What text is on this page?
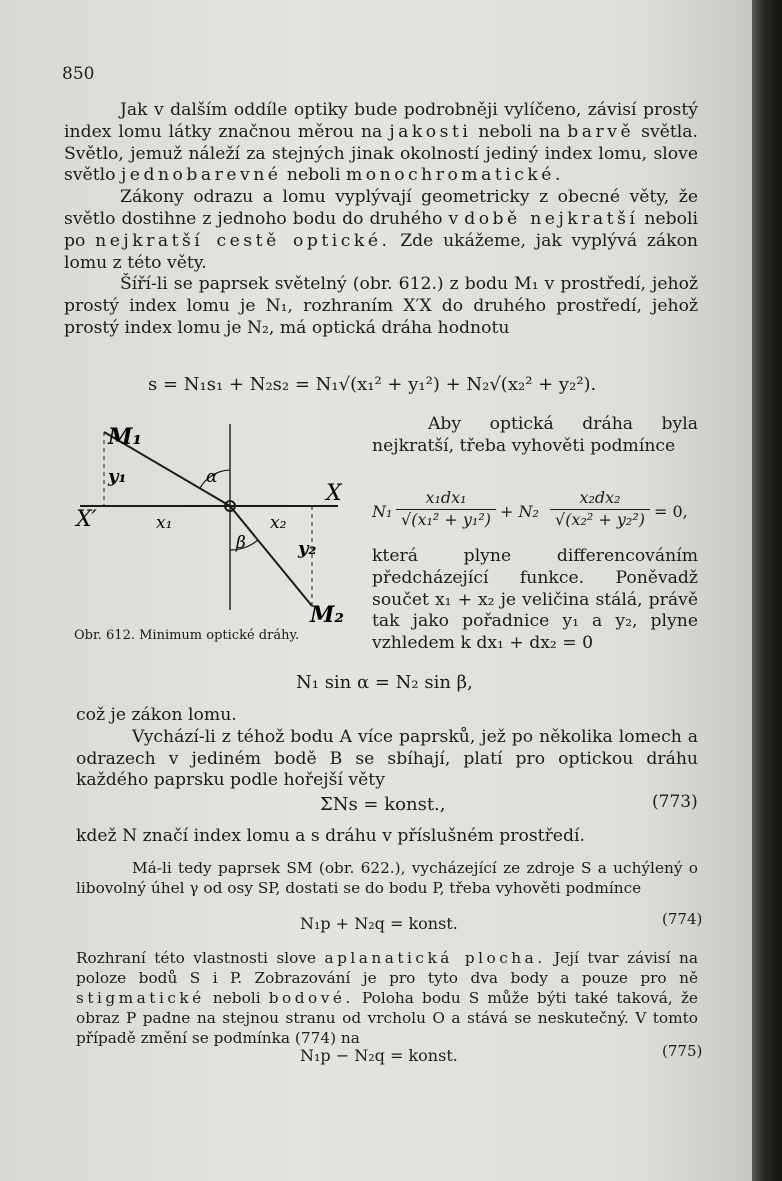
850

Jak v dalším oddíle optiky bude podrobněji vylíčeno, závisí prostý index lomu látky značnou měrou na jakosti neboli na barvě světla. Světlo, jemuž náleží za stejných jinak okolností jediný index lomu, slove světlo jednobarevné neboli monochromatické.

Zákony odrazu a lomu vyplývají geometricky z obecné věty, že světlo dostihne z jednoho bodu do druhého v době nejkratší neboli po nejkratší cestě optické. Zde ukážeme, jak vyplývá zákon lomu z této věty.

Šíří-li se paprsek světelný (obr. 612.) z bodu M₁ v prostředí, jehož prostý index lomu je N₁, rozhraním X′X do druhého prostředí, jehož prostý index lomu je N₂, má optická dráha hodnotu

s = N₁s₁ + N₂s₂ = N₁√(x₁² + y₁²) + N₂√(x₂² + y₂²).
M₁
M₂
X
X′
y₁
y₂
x₁	x₂
α
β
Obr. 612. Minimum optické dráhy.

Aby optická dráha byla nejkratší, třeba vyhověti podmínce

$N_1 \frac{\text{x₁dx₁}}{\text{√(x₁² + y₁²)}} + N_2 \frac{\text{x₂dx₂}}{\text{√(x₂² + y₂²)}} = 0$,

která plyne differencováním předcházející funkce. Poněvadž součet x₁ + x₂ je veličina stálá, právě tak jako pořadnice y₁ a y₂, plyne vzhledem k dx₁ + dx₂ = 0

N₁ sin α = N₂ sin β,

což je zákon lomu.

Vychází-li z téhož bodu A více paprsků, jež po několika lomech a odrazech v jediném bodě B se sbíhají, platí pro optickou dráhu každého paprsku podle hořejší věty

ΣNs = konst.,	(773)

kdež N značí index lomu a s dráhu v příslušném prostředí.

Má-li tedy paprsek SM (obr. 622.), vycházející ze zdroje S a uchýlený o libovolný úhel γ od osy SP, dostati se do bodu P, třeba vyhověti podmínce

N₁p + N₂q = konst.	(774)

Rozhraní této vlastnosti slove aplanatická plocha. Její tvar závisí na poloze bodů S i P. Zobrazování je pro tyto dva body a pouze pro ně stigmatické neboli bodové. Poloha bodu S může býti také taková, že obraz P padne na stejnou stranu od vrcholu O a stává se neskutečný. V tomto případě změní se podmínka (774) na

N₁p − N₂q = konst.	(775)
